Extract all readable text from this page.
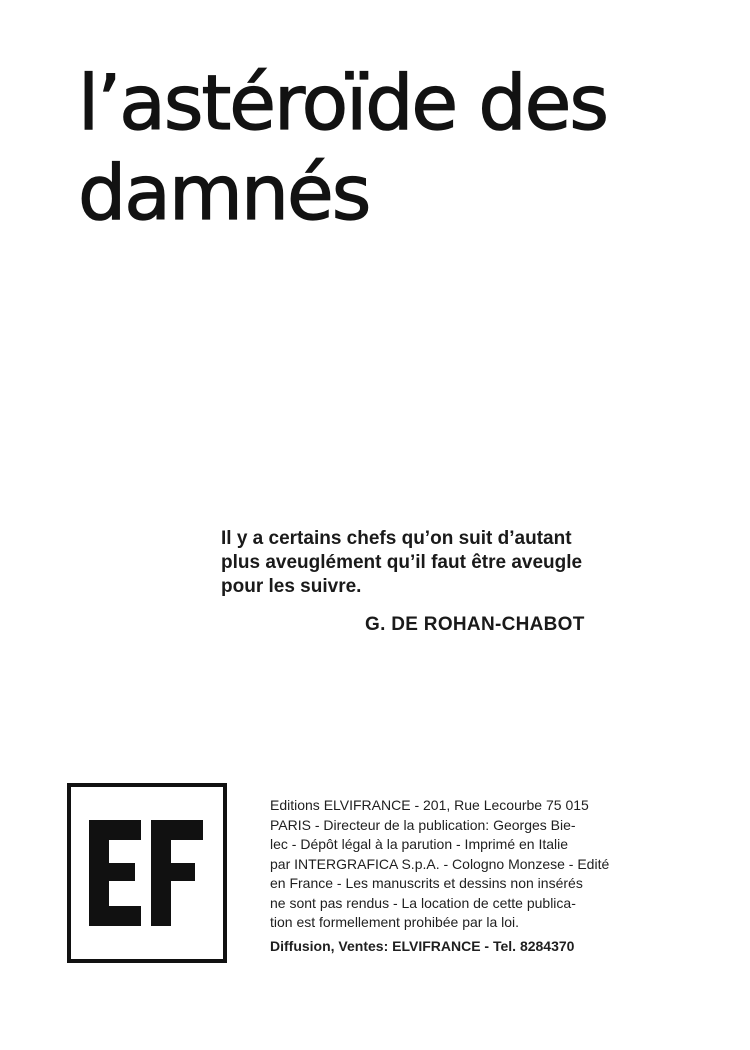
l’astéroïde des
damnés
Il y a certains chefs qu’on suit d’autant
plus aveuglément qu’il faut être aveugle
pour les suivre.
G. DE ROHAN-CHABOT
Editions ELVIFRANCE - 201, Rue Lecourbe 75 015
PARIS - Directeur de la publication: Georges Bie-
lec - Dépôt légal à la parution - Imprimé en Italie
par INTERGRAFICA S.p.A. - Cologno Monzese - Edité
en France - Les manuscrits et dessins non insérés
ne sont pas rendus - La location de cette publica-
tion est formellement prohibée par la loi.
Diffusion, Ventes: ELVIFRANCE - Tel. 8284370
